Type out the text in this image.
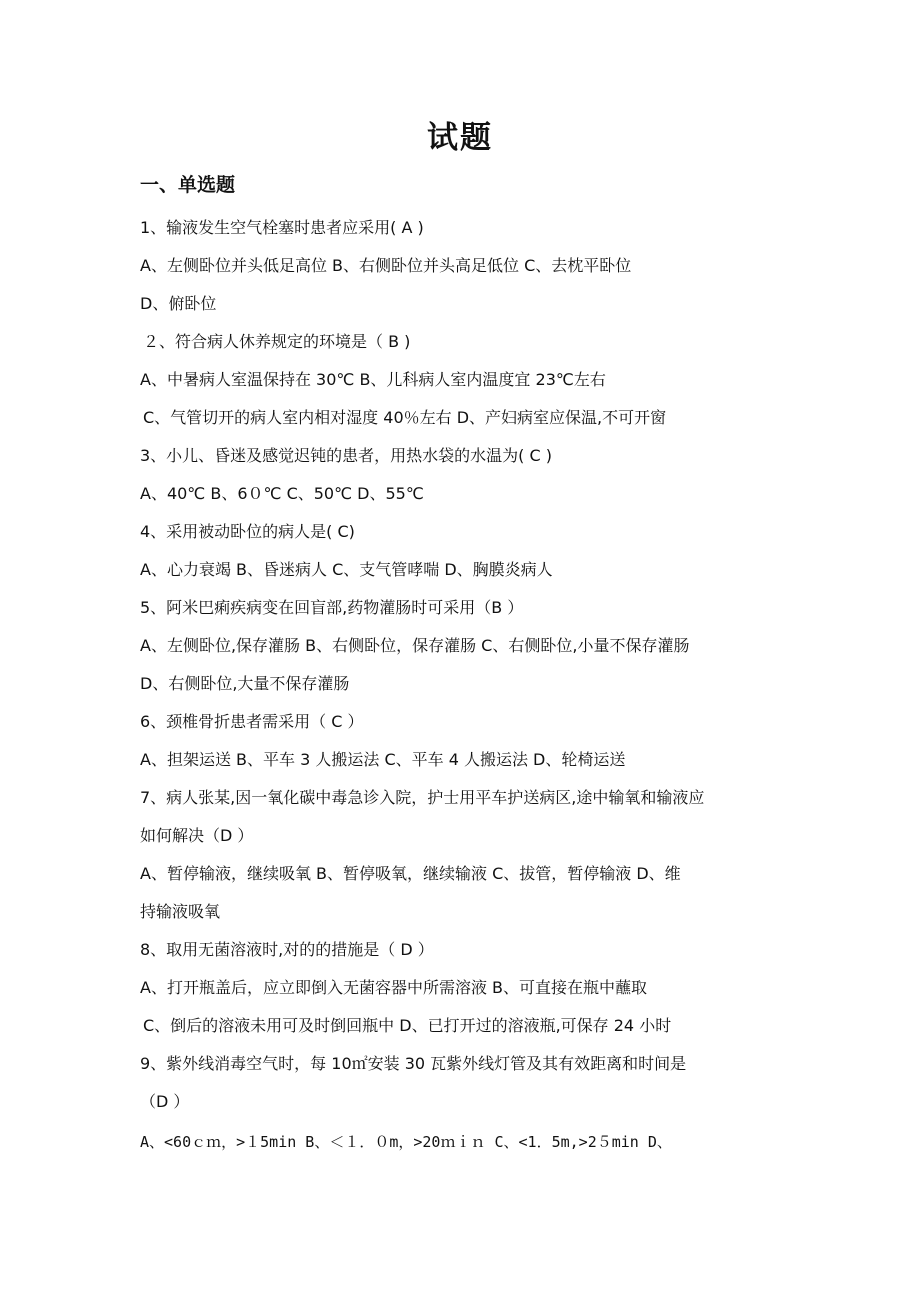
试题
一、单选题
1、输液发生空气栓塞时患者应采用( A )
A、左侧卧位并头低足高位 B、右侧卧位并头高足低位 C、去枕平卧位
D、俯卧位
２、符合病人休养规定的环境是（ B )
A、中暑病人室温保持在 30℃ B、儿科病人室内温度宜 23℃左右
C、气管切开的病人室内相对湿度 40％左右 D、产妇病室应保温,不可开窗
3、小儿、昏迷及感觉迟钝的患者，用热水袋的水温为( C )
A、40℃ B、6０℃ C、50℃ D、55℃
4、采用被动卧位的病人是( C)
A、心力衰竭 B、昏迷病人 C、支气管哮喘 D、胸膜炎病人
5、阿米巴痢疾病变在回盲部,药物灌肠时可采用（B ）
A、左侧卧位,保存灌肠 B、右侧卧位，保存灌肠 C、右侧卧位,小量不保存灌肠
D、右侧卧位,大量不保存灌肠
6、颈椎骨折患者需采用（ C ）
A、担架运送 B、平车 3 人搬运法 C、平车 4 人搬运法 D、轮椅运送
7、病人张某,因一氧化碳中毒急诊入院，护士用平车护送病区,途中输氧和输液应
如何解决（D ）
A、暂停输液，继续吸氧 B、暂停吸氧，继续输液 C、拔管，暂停输液 D、维
持输液吸氧
8、取用无菌溶液时,对的的措施是（ D ）
A、打开瓶盖后，应立即倒入无菌容器中所需溶液 B、可直接在瓶中蘸取
C、倒后的溶液未用可及时倒回瓶中 D、已打开过的溶液瓶,可保存 24 小时
9、紫外线消毒空气时，每 10㎡安装 30 瓦紫外线灯管及其有效距离和时间是
（D ）
A、<60ｃｍ，>１5min B、＜１．０m，>20ｍｉｎ C、<1．5m,>2５min D、
